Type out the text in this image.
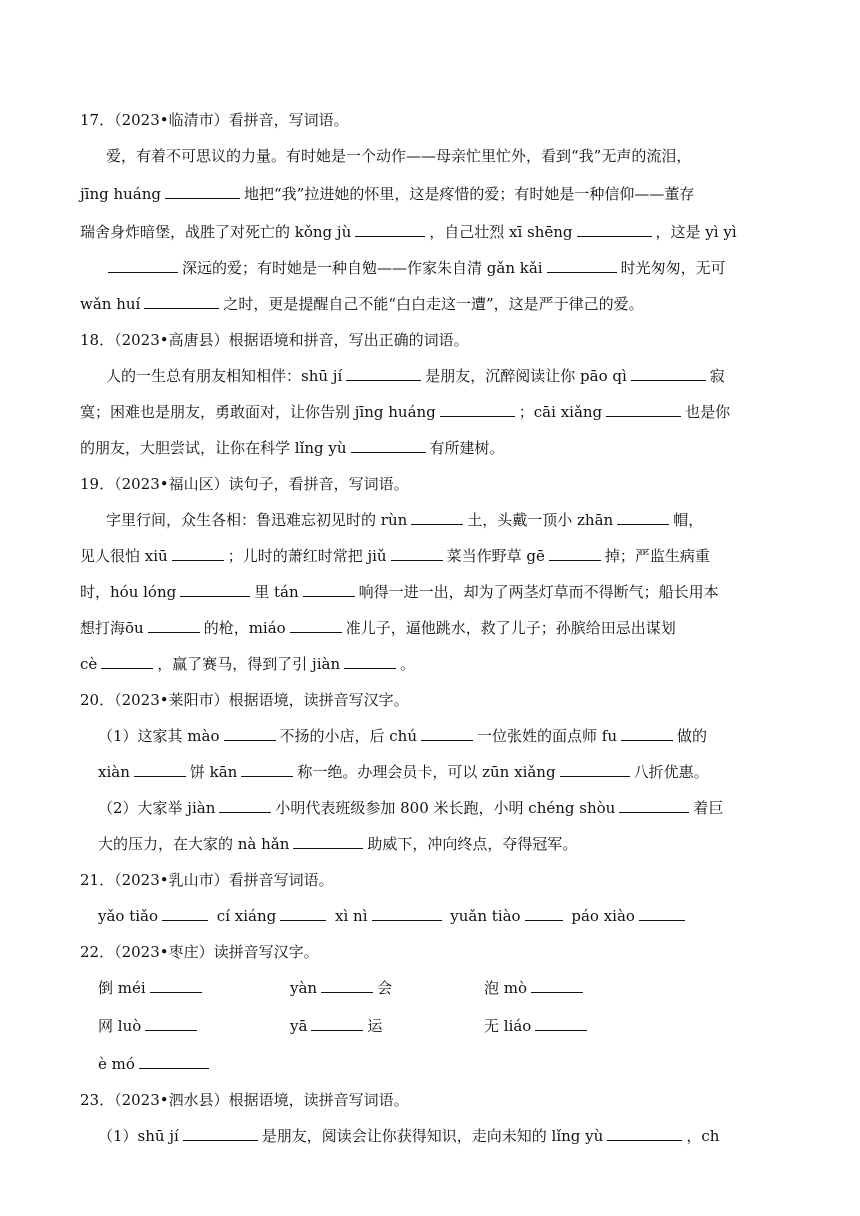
17．（2023•临清市）看拼音，写词语。
爱，有着不可思议的力量。有时她是一个动作——母亲忙里忙外，看到“我”无声的流泪，
jīng huáng	地把“我”拉进她的怀里，这是疼惜的爱；有时她是一种信仰——董存
瑞舍身炸暗堡，战胜了对死亡的 kǒng jù	，自己壮烈 xī shēng	，这是 yì yì
深远的爱；有时她是一种自勉——作家朱自清 gǎn kǎi	时光匆匆，无可
wǎn huí	之时，更是提醒自己不能“白白走这一遭”，这是严于律己的爱。
18．（2023•高唐县）根据语境和拼音，写出正确的词语。
人的一生总有朋友相知相伴：shū jí	是朋友，沉醉阅读让你 pāo qì	寂
寞；困难也是朋友，勇敢面对，让你告别 jīng huáng	；cāi xiǎng	也是你
的朋友，大胆尝试，让你在科学 lǐng yù	有所建树。
19．（2023•福山区）读句子，看拼音，写词语。
字里行间，众生各相：鲁迅难忘初见时的 rùn	土，头戴一顶小 zhān	帽，
见人很怕 xiū	；儿时的萧红时常把 jiǔ	菜当作野草 gē	掉；严监生病重
时，hóu lóng	里 tán	响得一进一出，却为了两茎灯草而不得断气；船长用本
想打海ōu	的枪，miáo	准儿子，逼他跳水，救了儿子；孙膑给田忌出谋划
cè	，赢了赛马，得到了引 jiàn	。
20．（2023•莱阳市）根据语境，读拼音写汉字。
（1）这家其 mào	不扬的小店，后 chú	一位张姓的面点师 fu	做的
xiàn	饼 kān	称一绝。办理会员卡，可以 zūn xiǎng	八折优惠。
（2）大家举 jiàn	小明代表班级参加 800 米长跑，小明 chéng shòu	着巨
大的压力，在大家的 nà hǎn	助威下，冲向终点，夺得冠军。
21．（2023•乳山市）看拼音写词语。
yǎo tiǎo	cí xiáng	xì nì	yuǎn tiào	páo xiào
22．（2023•枣庄）读拼音写汉字。
倒 méi	yàn	会	泡 mò
网 luò	yā	运	无 liáo
è mó
23．（2023•泗水县）根据语境，读拼音写词语。
（1）shū jí	是朋友，阅读会让你获得知识，走向未知的 lǐng yù	，ch
